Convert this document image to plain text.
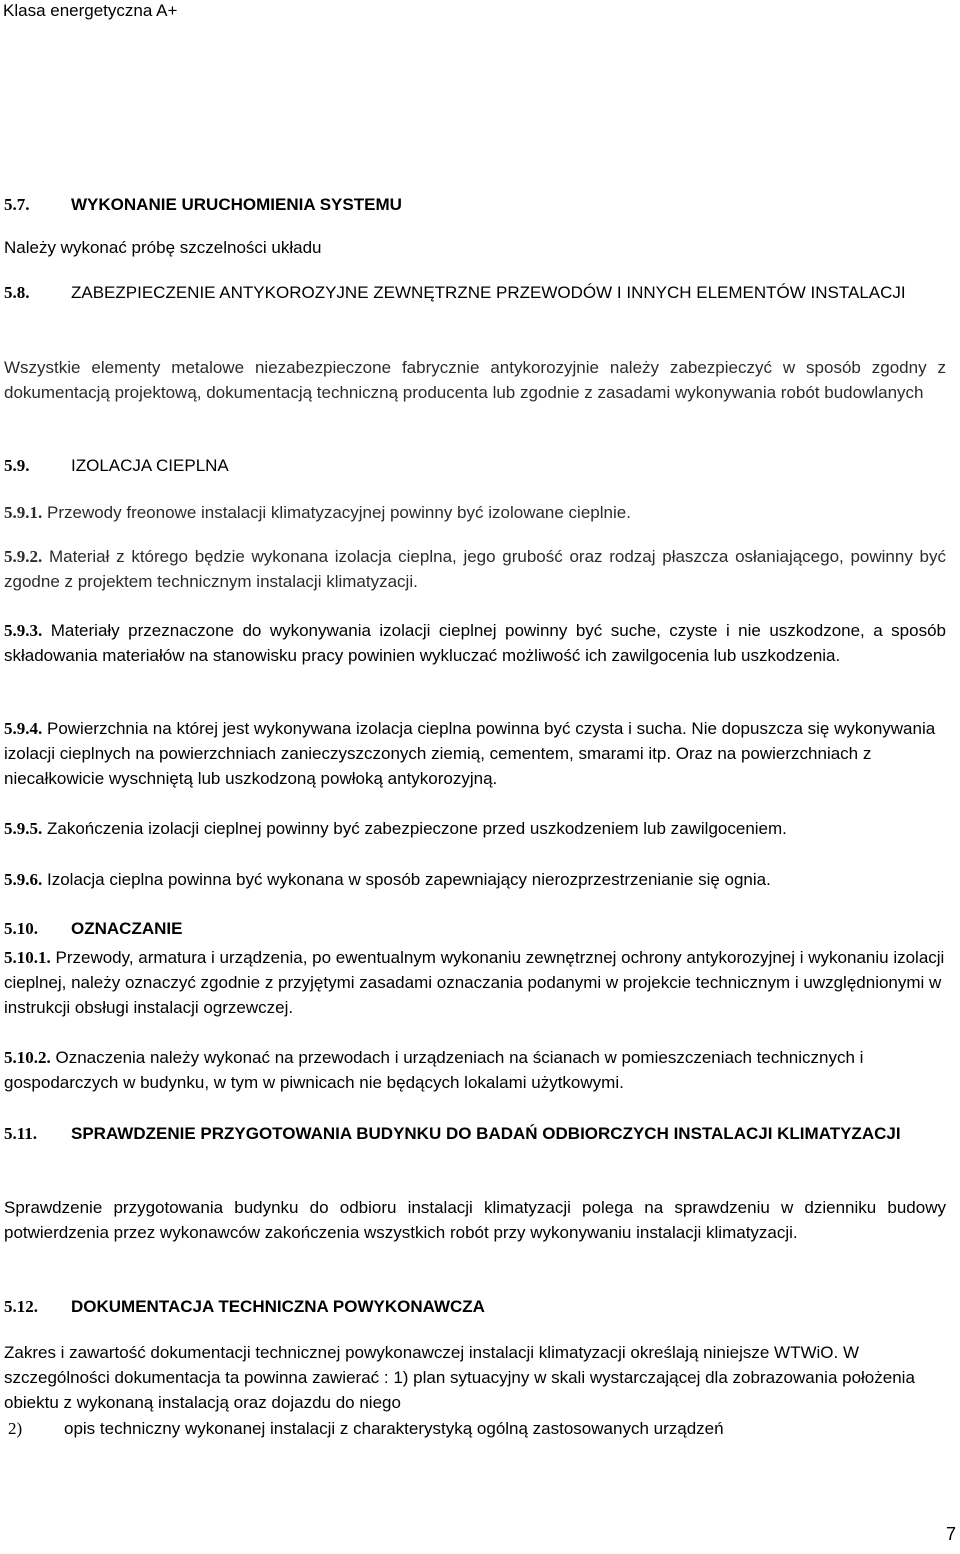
Klasa energetyczna A+
5.7.	WYKONANIE URUCHOMIENIA SYSTEMU
Należy wykonać próbę szczelności układu
5.8.	ZABEZPIECZENIE ANTYKOROZYJNE ZEWNĘTRZNE PRZEWODÓW I INNYCH ELEMENTÓW INSTALACJI
Wszystkie elementy metalowe niezabezpieczone fabrycznie antykorozyjnie należy zabezpieczyć w sposób zgodny z dokumentacją projektową, dokumentacją techniczną producenta lub zgodnie z zasadami wykonywania robót budowlanych
5.9.	IZOLACJA CIEPLNA
5.9.1. Przewody freonowe instalacji klimatyzacyjnej powinny być izolowane cieplnie.
5.9.2. Materiał z którego będzie wykonana izolacja cieplna, jego grubość oraz rodzaj płaszcza osłaniającego, powinny być zgodne z projektem technicznym instalacji klimatyzacji.
5.9.3. Materiały przeznaczone do wykonywania izolacji cieplnej powinny być suche, czyste i nie uszkodzone, a sposób składowania materiałów na stanowisku pracy powinien wykluczać możliwość ich zawilgocenia lub uszkodzenia.
5.9.4. Powierzchnia na której jest wykonywana izolacja cieplna powinna być czysta i sucha. Nie dopuszcza się wykonywania izolacji cieplnych na powierzchniach zanieczyszczonych ziemią, cementem, smarami itp. Oraz na powierzchniach z niecałkowicie wyschniętą lub uszkodzoną powłoką antykorozyjną.
5.9.5. Zakończenia izolacji cieplnej powinny być zabezpieczone przed uszkodzeniem lub zawilgoceniem.
5.9.6. Izolacja cieplna powinna być wykonana w sposób zapewniający nierozprzestrzenianie się ognia.
5.10.	OZNACZANIE
5.10.1. Przewody, armatura i urządzenia, po ewentualnym wykonaniu zewnętrznej ochrony antykorozyjnej i wykonaniu izolacji cieplnej, należy oznaczyć zgodnie z przyjętymi zasadami oznaczania podanymi w projekcie technicznym i uwzględnionymi w instrukcji obsługi instalacji ogrzewczej.
5.10.2. Oznaczenia należy wykonać na przewodach i urządzeniach na ścianach w pomieszczeniach technicznych i gospodarczych w budynku, w tym w piwnicach nie będących lokalami użytkowymi.
5.11.	SPRAWDZENIE PRZYGOTOWANIA BUDYNKU DO BADAŃ ODBIORCZYCH INSTALACJI KLIMATYZACJI
Sprawdzenie przygotowania budynku do odbioru instalacji klimatyzacji polega na sprawdzeniu w dzienniku budowy potwierdzenia przez wykonawców zakończenia wszystkich robót przy wykonywaniu instalacji klimatyzacji.
5.12.	DOKUMENTACJA TECHNICZNA POWYKONAWCZA
Zakres i zawartość dokumentacji technicznej powykonawczej instalacji klimatyzacji określają niniejsze WTWiO. W szczególności dokumentacja ta powinna zawierać : 1) plan sytuacyjny w skali wystarczającej dla zobrazowania położenia obiektu z wykonaną instalacją oraz dojazdu do niego
2)	opis techniczny wykonanej instalacji z charakterystyką ogólną zastosowanych urządzeń
7
